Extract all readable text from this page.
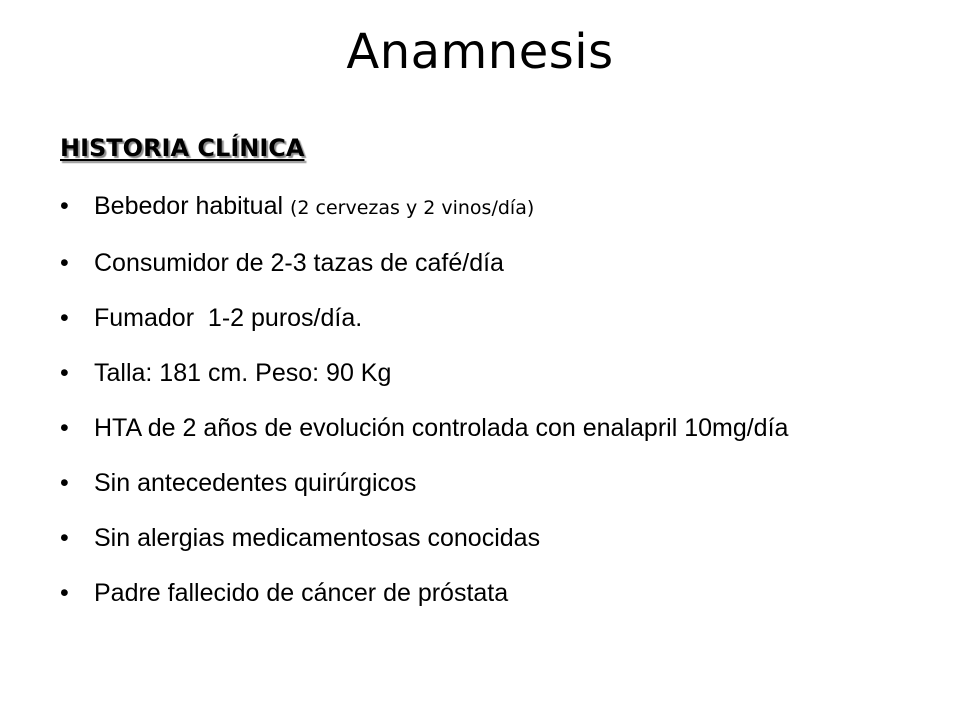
Anamnesis
HISTORIA CLÍNICA
•	Bebedor habitual (2 cervezas y 2 vinos/día)
•	Consumidor de 2-3 tazas de café/día
•	Fumador  1-2 puros/día.
•	Talla: 181 cm. Peso: 90 Kg
•	HTA de 2 años de evolución controlada con enalapril 10mg/día
•	Sin antecedentes quirúrgicos
•	Sin alergias medicamentosas conocidas
•	Padre fallecido de cáncer de próstata
